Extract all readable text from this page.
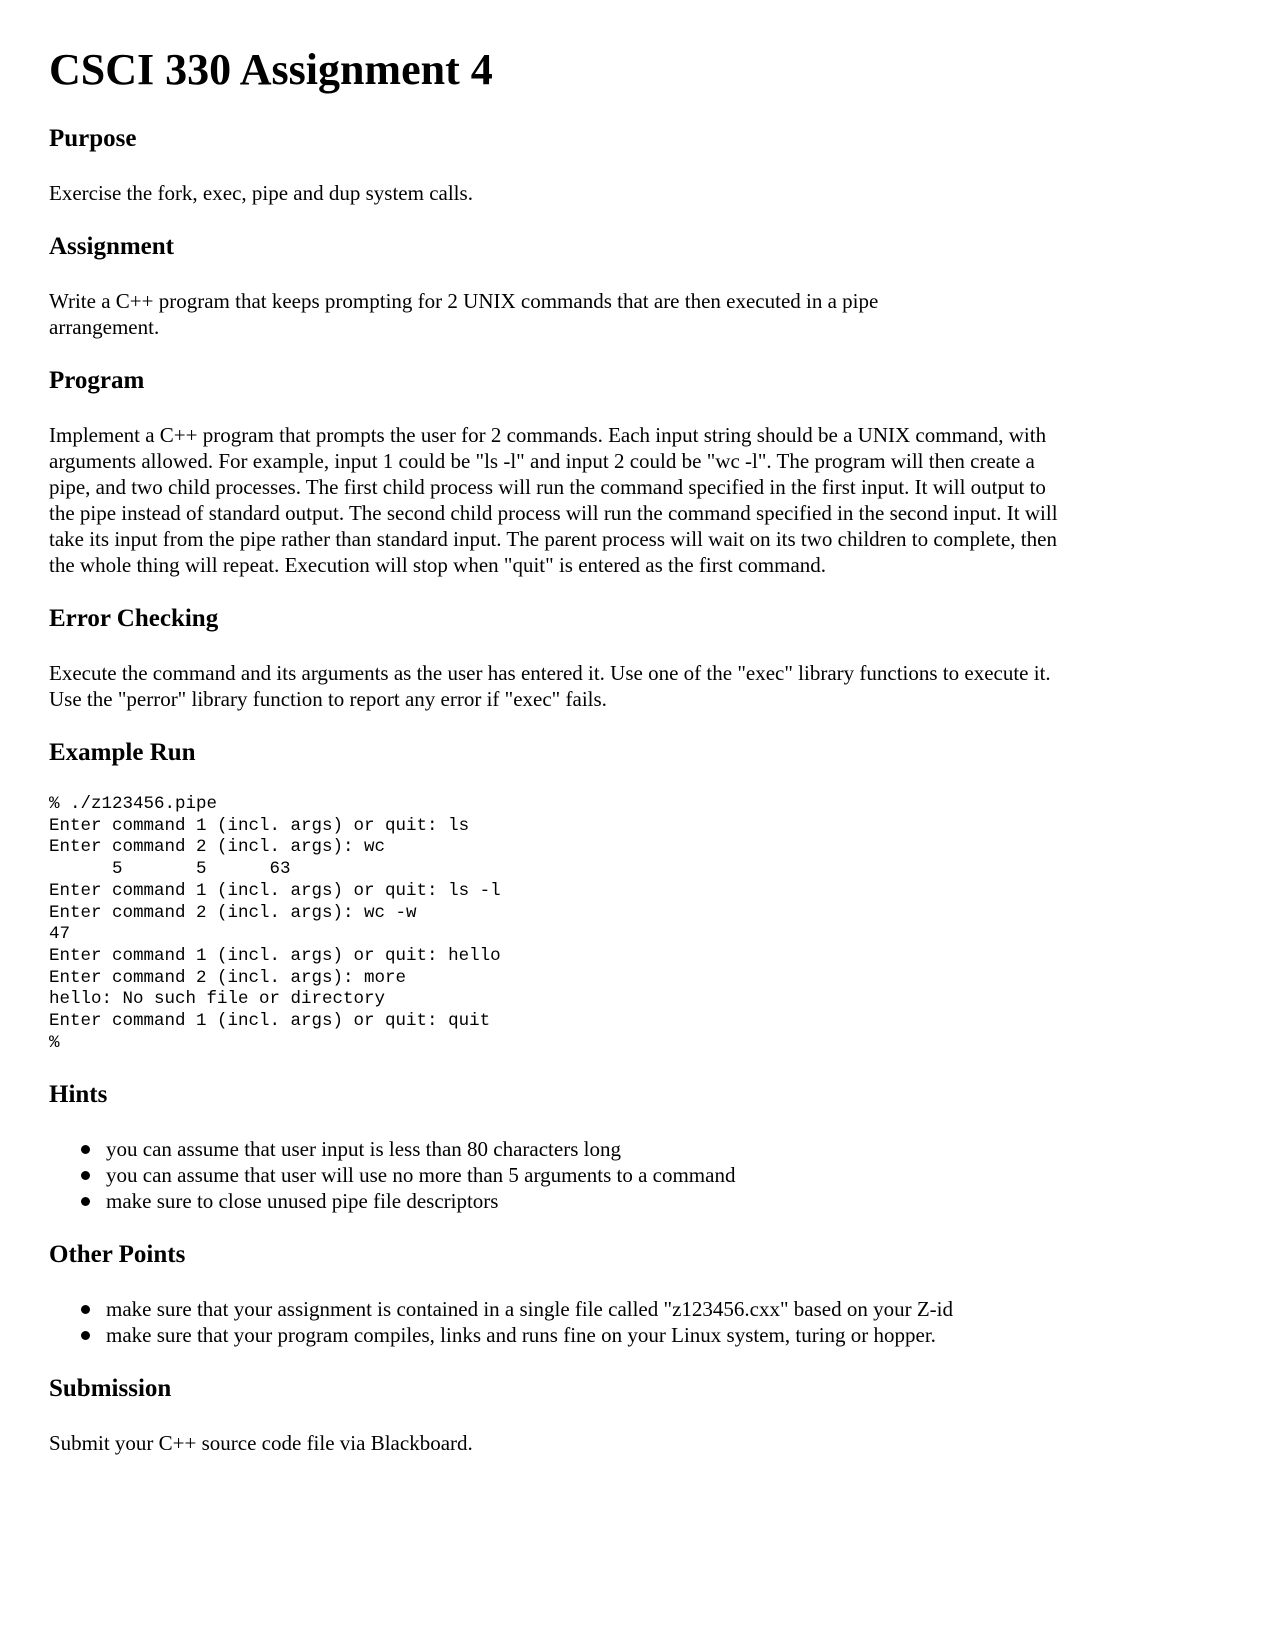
CSCI 330 Assignment 4
Purpose

Exercise the fork, exec, pipe and dup system calls.

Assignment

Write a C++ program that keeps prompting for 2 UNIX commands that are then executed in a pipe arrangement.

Program

Implement a C++ program that prompts the user for 2 commands. Each input string should be a UNIX command, with arguments allowed. For example, input 1 could be "ls -l" and input 2 could be "wc -l". The program will then create a pipe, and two child processes. The first child process will run the command specified in the first input. It will output to the pipe instead of standard output. The second child process will run the command specified in the second input. It will take its input from the pipe rather than standard input. The parent process will wait on its two children to complete, then the whole thing will repeat. Execution will stop when "quit" is entered as the first command.

Error Checking

Execute the command and its arguments as the user has entered it. Use one of the "exec" library functions to execute it. Use the "perror" library function to report any error if "exec" fails.

Example Run
% ./z123456.pipe
Enter command 1 (incl. args) or quit: ls
Enter command 2 (incl. args): wc
5       5      63
Enter command 1 (incl. args) or quit: ls -l
Enter command 2 (incl. args): wc -w
47
Enter command 1 (incl. args) or quit: hello
Enter command 2 (incl. args): more
hello: No such file or directory
Enter command 1 (incl. args) or quit: quit
%
Hints
you can assume that user input is less than 80 characters long
you can assume that user will use no more than 5 arguments to a command
make sure to close unused pipe file descriptors
Other Points
make sure that your assignment is contained in a single file called "z123456.cxx" based on your Z-id
make sure that your program compiles, links and runs fine on your Linux system, turing or hopper.
Submission

Submit your C++ source code file via Blackboard.
